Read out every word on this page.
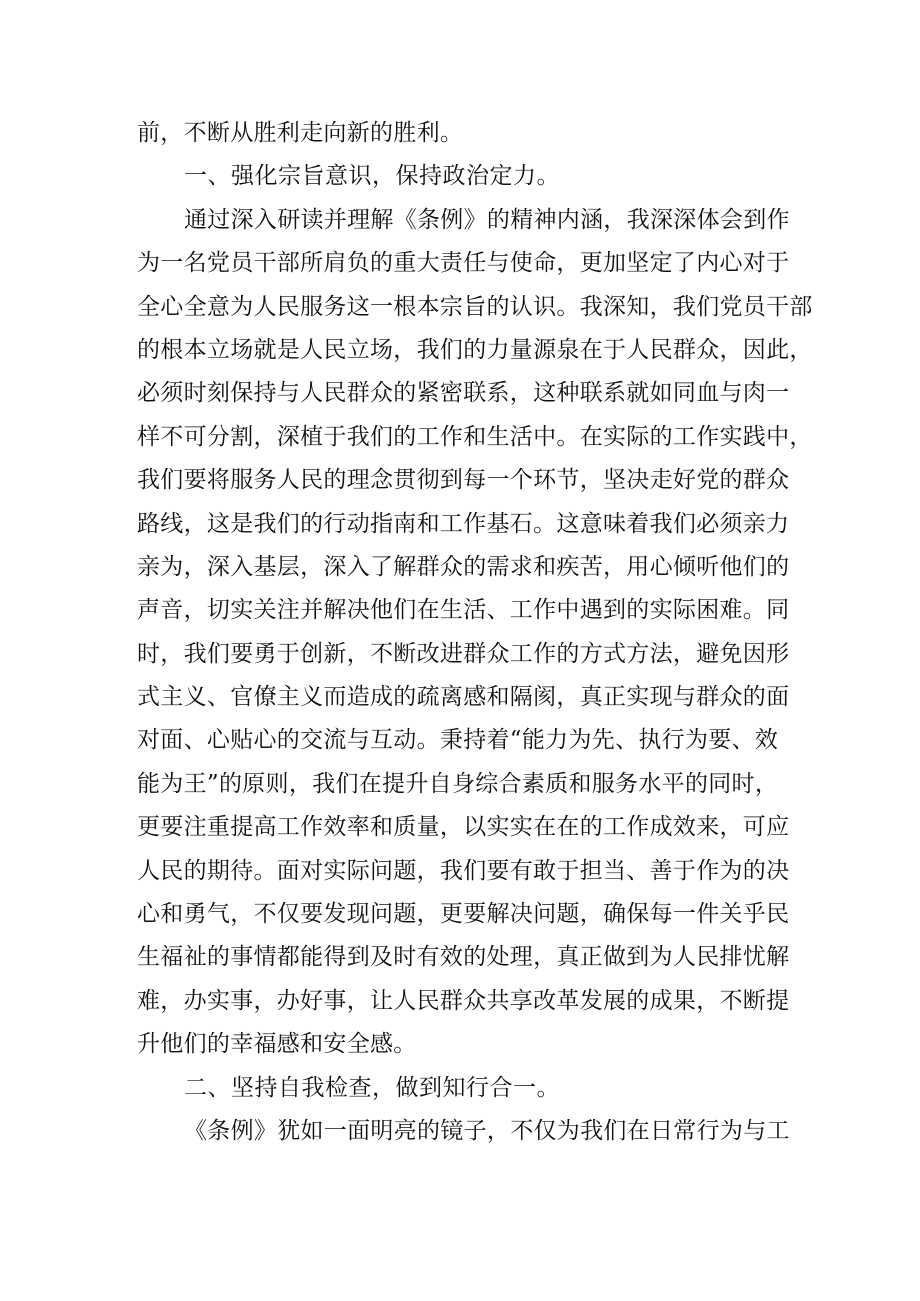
前，不断从胜利走向新的胜利。
一、强化宗旨意识，保持政治定力。
通过深入研读并理解《条例》的精神内涵，我深深体会到作
为一名党员干部所肩负的重大责任与使命，更加坚定了内心对于
全心全意为人民服务这一根本宗旨的认识。我深知，我们党员干部
的根本立场就是人民立场，我们的力量源泉在于人民群众，因此，
必须时刻保持与人民群众的紧密联系，这种联系就如同血与肉一
样不可分割，深植于我们的工作和生活中。在实际的工作实践中，
我们要将服务人民的理念贯彻到每一个环节，坚决走好党的群众
路线，这是我们的行动指南和工作基石。这意味着我们必须亲力
亲为，深入基层，深入了解群众的需求和疾苦，用心倾听他们的
声音，切实关注并解决他们在生活、工作中遇到的实际困难。同
时，我们要勇于创新，不断改进群众工作的方式方法，避免因形
式主义、官僚主义而造成的疏离感和隔阂，真正实现与群众的面
对面、心贴心的交流与互动。秉持着“能力为先、执行为要、效
能为王”的原则，我们在提升自身综合素质和服务水平的同时，
更要注重提高工作效率和质量，以实实在在的工作成效来，可应
人民的期待。面对实际问题，我们要有敢于担当、善于作为的决
心和勇气，不仅要发现问题，更要解决问题，确保每一件关乎民
生福祉的事情都能得到及时有效的处理，真正做到为人民排忧解
难，办实事，办好事，让人民群众共享改革发展的成果，不断提
升他们的幸福感和安全感。
二、坚持自我检查，做到知行合一。
《条例》犹如一面明亮的镜子，不仅为我们在日常行为与工
